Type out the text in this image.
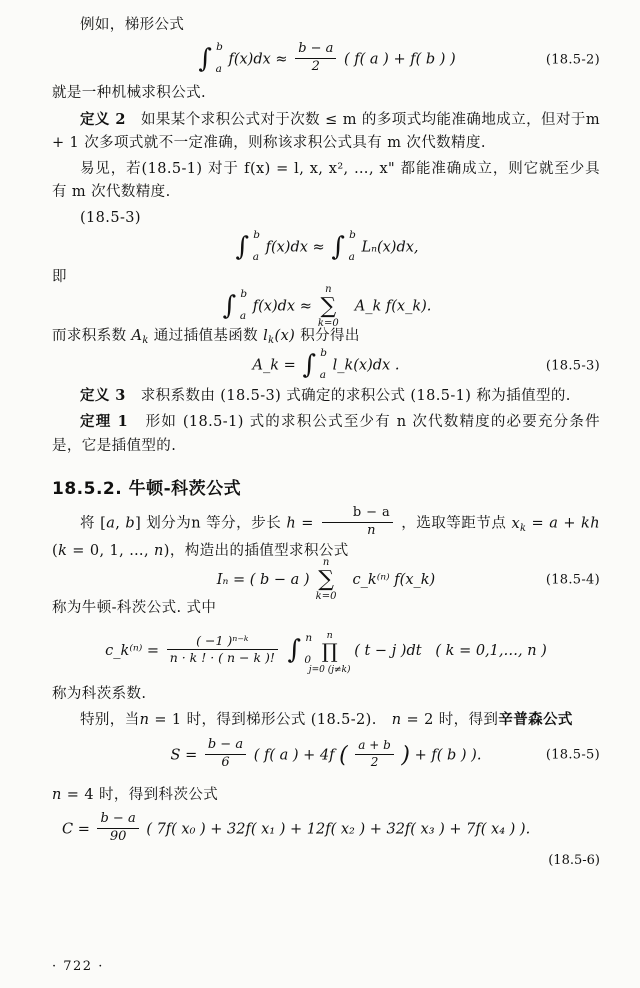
例如，梯形公式

∫ b
a
$f(x)dx \approx \frac{b - a}{2}$ ( f( a ) + f( b ) )	(18.5-2)

就是一种机械求积公式.

定义 2 如果某个求积公式对于次数 ≤ m 的多项式均能准确地成立，但对于m + 1 次多项式就不一定准确，则称该求积公式具有 m 次代数精度.

易见，若(18.5-1) 对于 f(x) = l, x, x², …, x" 都能准确成立，则它就至少具有 m 次代数精度.

(18.5-3)

∫ b
a
f(x)dx ≈ ∫ b
a
Lₙ(x)dx,

即

∫ b
a
f(x)dx ≈ ∑
n
k=0
A_k f(x_k).

而求积系数 $A_k$ 通过插值基函数 $l_k(x)$ 积分得出

A_k = ∫ b
a
l_k(x)dx .	(18.5-3)

定义 3 求积系数由 (18.5-3) 式确定的求积公式 (18.5-1) 称为插值型的.

定理 1 形如 (18.5-1) 式的求积公式至少有 n 次代数精度的必要充分条件是，它是插值型的.

18.5.2. 牛顿-科茨公式

将 [a, b] 划分为n 等分，步长 $h = \frac{b - a}{n}$ ，选取等距节点 $x_k = a$ + kh (k = 0, 1, …, n)，构造出的插值型求积公式

Iₙ = ( b − a ) ∑
n
k=0
c_k⁽ⁿ⁾ f(x_k)	(18.5-4)

称为牛顿-科茨公式. 式中

c_k⁽ⁿ⁾ = $\frac{\text{( −1 )ⁿ⁻ᵏ}}{n \cdot k ! \cdot ( n - k )!}$ ∫ n
0 ∏
n
j=0 (j≠k)
( t − j )dt ( k = 0,1,…, n )

称为科茨系数.

特别，当n = 1 时，得到梯形公式 (18.5-2). n = 2 时，得到辛普森公式

$S = \frac{b - a}{6}$ ( f( a ) + 4f ( $\frac{a + b}{2}$ ) + f( b ) ).	(18.5-5)

n = 4 时，得到科茨公式

$C = \frac{b - a}{90}$ ( 7f( x₀ ) + 32f( x₁ ) + 12f( x₂ ) + 32f( x₃ ) + 7f( x₄ ) ).
(18.5-6)
· 722 ·
